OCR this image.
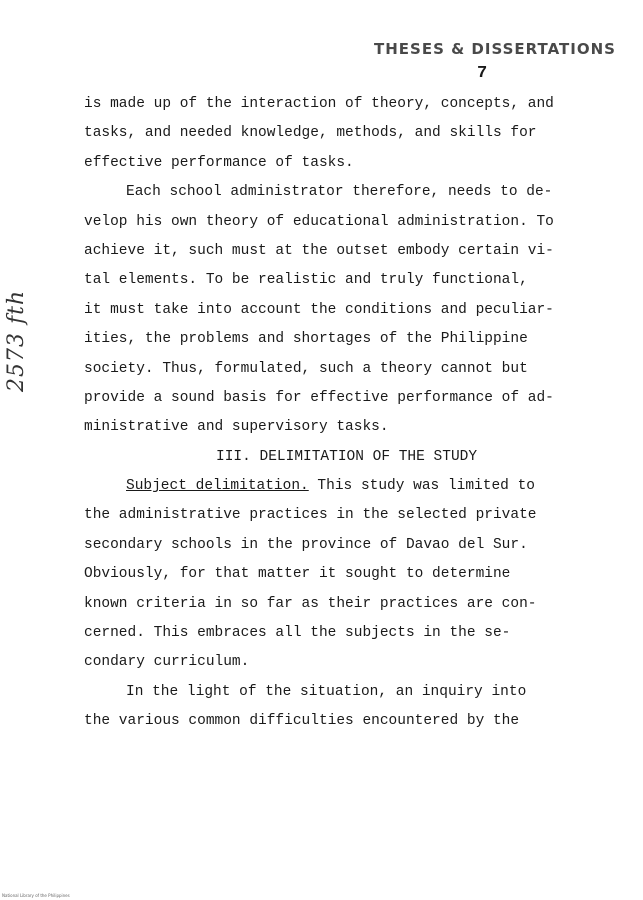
THESES & DISSERTATIONS
7
2573 fth
is made up of the interaction of theory, concepts, and
tasks, and needed knowledge, methods, and skills for
effective performance of tasks.
Each school administrator therefore, needs to de-
velop his own theory of educational administration. To
achieve it, such must at the outset embody certain vi-
tal elements. To be realistic and truly functional,
it must take into account the conditions and peculiar-
ities, the problems and shortages of the Philippine
society. Thus, formulated, such a theory cannot but
provide a sound basis for effective performance of ad-
ministrative and supervisory tasks.
III. DELIMITATION OF THE STUDY
Subject delimitation. This study was limited to
the administrative practices in the selected private
secondary schools in the province of Davao del Sur.
Obviously, for that matter it sought to determine
known criteria in so far as their practices are con-
cerned. This embraces all the subjects in the se-
condary curriculum.
In the light of the situation, an inquiry into
the various common difficulties encountered by the
National Library of the Philippines
